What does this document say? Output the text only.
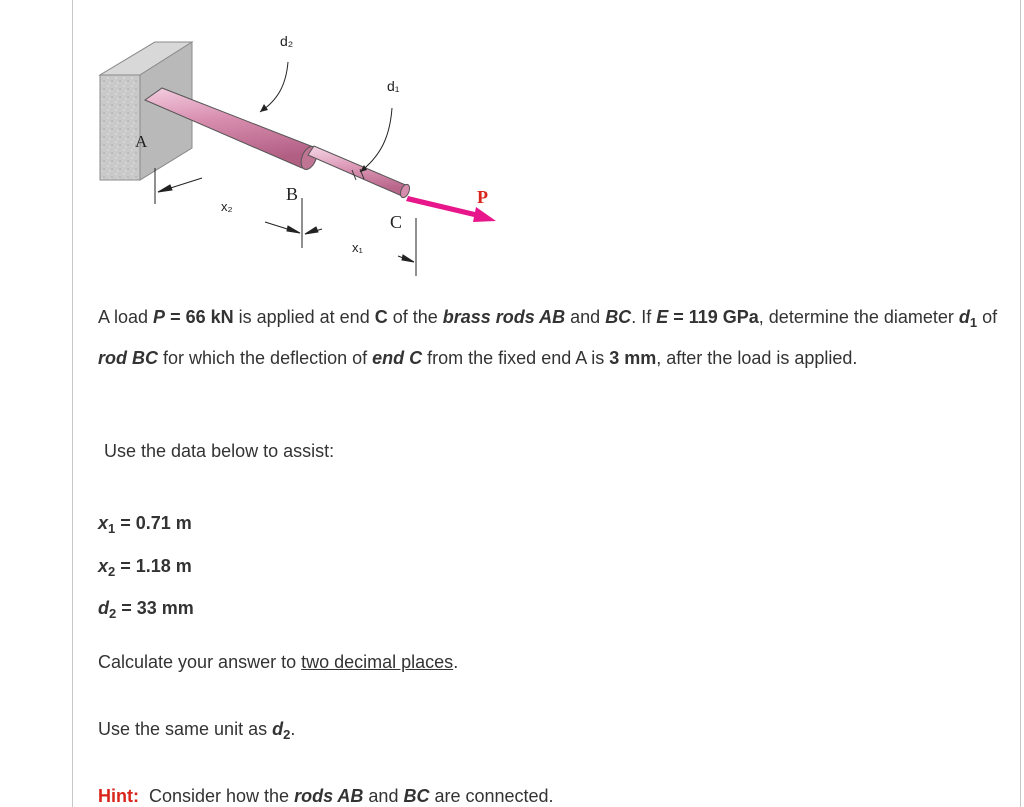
d₂
d₁
A
B
C
P
x₂
x₁
A load P = 66 kN is applied at end C of the brass rods AB and BC. If E = 119 GPa, determine the diameter $d_1$ of rod BC for which the deflection of end C from the fixed end A is 3 mm, after the load is applied.
Use the data below to assist:
$x_1 = 0.71$ m
$x_2 = 1.18$ m
$d_2 = 33$ mm
Calculate your answer to two decimal places.
Use the same unit as $d_2$.
Hint:  Consider how the rods AB and BC are connected.
